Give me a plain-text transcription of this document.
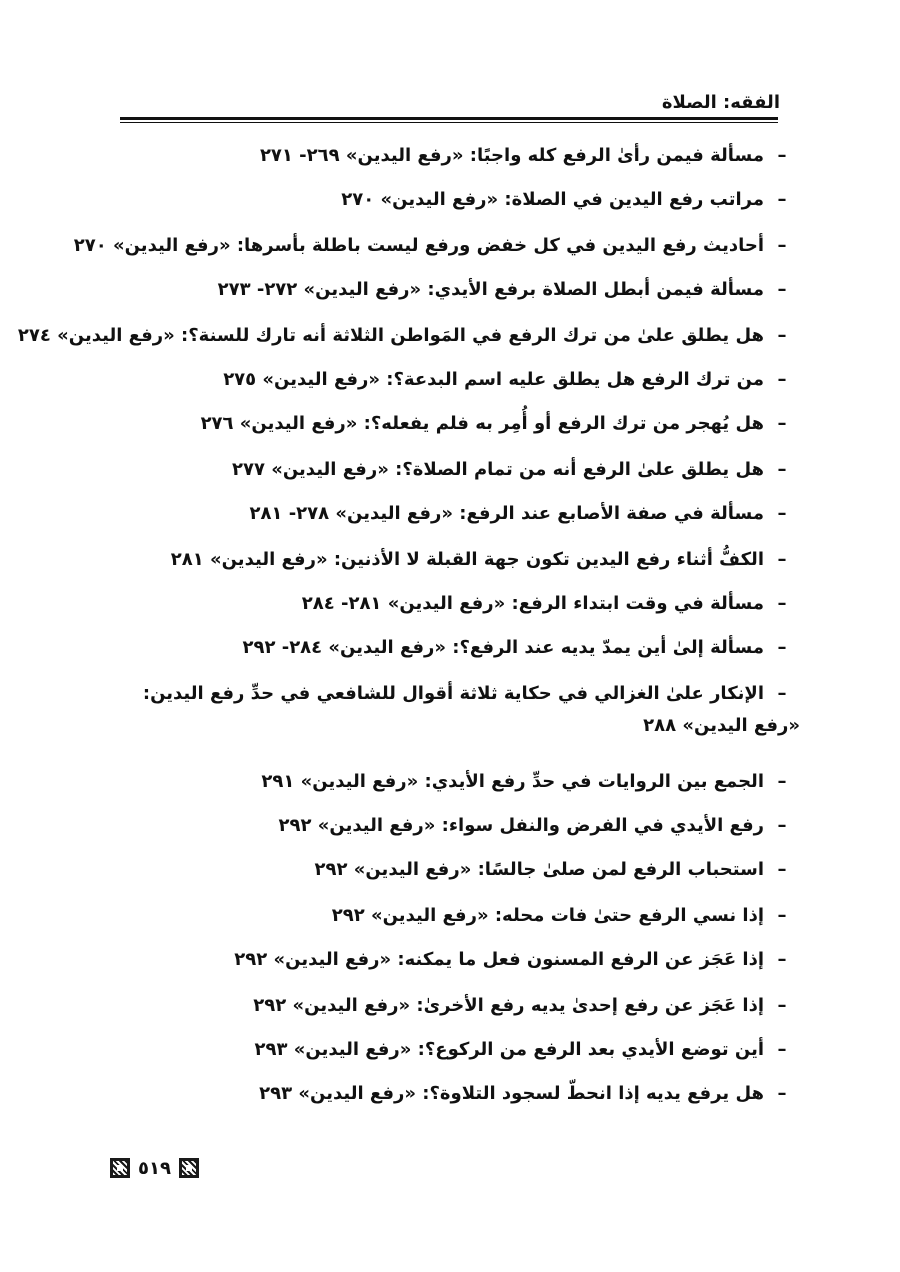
الفقه: الصلاة
–مسألة فيمن رأىٰ الرفع كله واجبًا: «رفع اليدين» ٢٦٩- ٢٧١
–مراتب رفع اليدين في الصلاة: «رفع اليدين» ٢٧٠
–أحاديث رفع اليدين في كل خفض ورفع ليست باطلة بأسرها: «رفع اليدين» ٢٧٠
–مسألة فيمن أبطل الصلاة برفع الأيدي: «رفع اليدين» ٢٧٢- ٢٧٣
–هل يطلق علىٰ من ترك الرفع في المَواطن الثلاثة أنه تارك للسنة؟: «رفع اليدين» ٢٧٤
–من ترك الرفع هل يطلق عليه اسم البدعة؟: «رفع اليدين» ٢٧٥
–هل يُهجر من ترك الرفع أو أُمِر به فلم يفعله؟: «رفع اليدين» ٢٧٦
–هل يطلق علىٰ الرفع أنه من تمام الصلاة؟: «رفع اليدين» ٢٧٧
–مسألة في صفة الأصابع عند الرفع: «رفع اليدين» ٢٧٨- ٢٨١
–الكفُّ أثناء رفع اليدين تكون جهة القبلة لا الأذنين: «رفع اليدين» ٢٨١
–مسألة في وقت ابتداء الرفع: «رفع اليدين» ٢٨١- ٢٨٤
–مسألة إلىٰ أين يمدّ يديه عند الرفع؟: «رفع اليدين» ٢٨٤- ٢٩٢
–الإنكار علىٰ الغزالي في حكاية ثلاثة أقوال للشافعي في حدِّ رفع اليدين: «رفع اليدين» ٢٨٨
–الجمع بين الروايات في حدِّ رفع الأيدي: «رفع اليدين» ٢٩١
–رفع الأيدي في الفرض والنفل سواء: «رفع اليدين» ٢٩٢
–استحباب الرفع لمن صلىٰ جالسًا: «رفع اليدين» ٢٩٢
–إذا نسي الرفع حتىٰ فات محله: «رفع اليدين» ٢٩٢
–إذا عَجَز عن الرفع المسنون فعل ما يمكنه: «رفع اليدين» ٢٩٢
–إذا عَجَز عن رفع إحدىٰ يديه رفع الأخرىٰ: «رفع اليدين» ٢٩٢
–أين توضع الأيدي بعد الرفع من الركوع؟: «رفع اليدين» ٢٩٣
–هل يرفع يديه إذا انحطّ لسجود التلاوة؟: «رفع اليدين» ٢٩٣
٥١٩
